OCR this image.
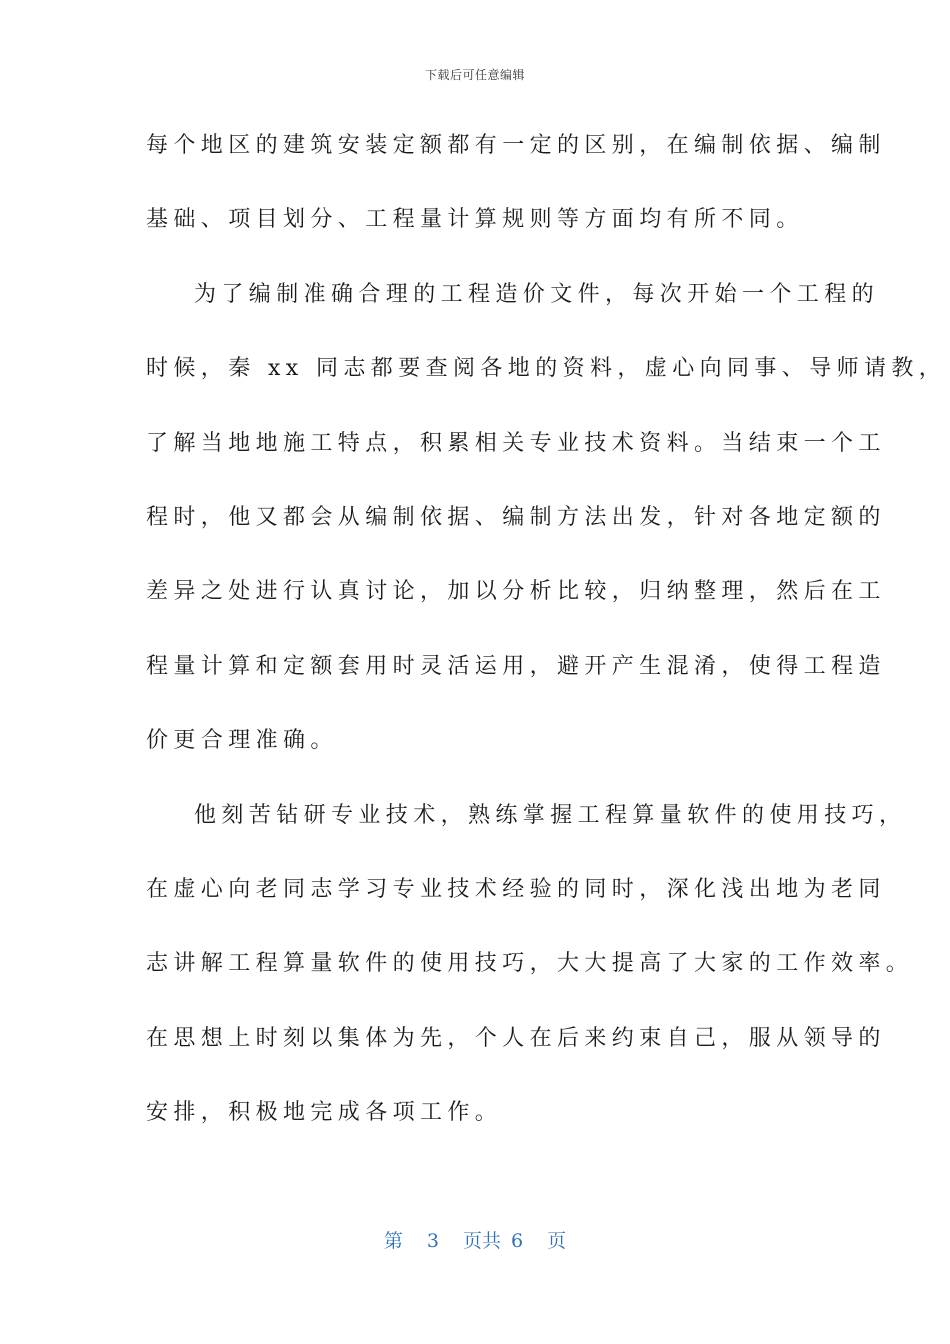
下载后可任意编辑
每个地区的建筑安装定额都有一定的区别，在编制依据、编制
基础、项目划分、工程量计算规则等方面均有所不同。
为了编制准确合理的工程造价文件，每次开始一个工程的
时候，秦 xx 同志都要查阅各地的资料，虚心向同事、导师请教，
了解当地地施工特点，积累相关专业技术资料。当结束一个工
程时，他又都会从编制依据、编制方法出发，针对各地定额的
差异之处进行认真讨论，加以分析比较，归纳整理，然后在工
程量计算和定额套用时灵活运用，避开产生混淆，使得工程造
价更合理准确。
他刻苦钻研专业技术，熟练掌握工程算量软件的使用技巧，
在虚心向老同志学习专业技术经验的同时，深化浅出地为老同
志讲解工程算量软件的使用技巧，大大提高了大家的工作效率。
在思想上时刻以集体为先，个人在后来约束自己，服从领导的
安排，积极地完成各项工作。
第 3 页共 6 页
